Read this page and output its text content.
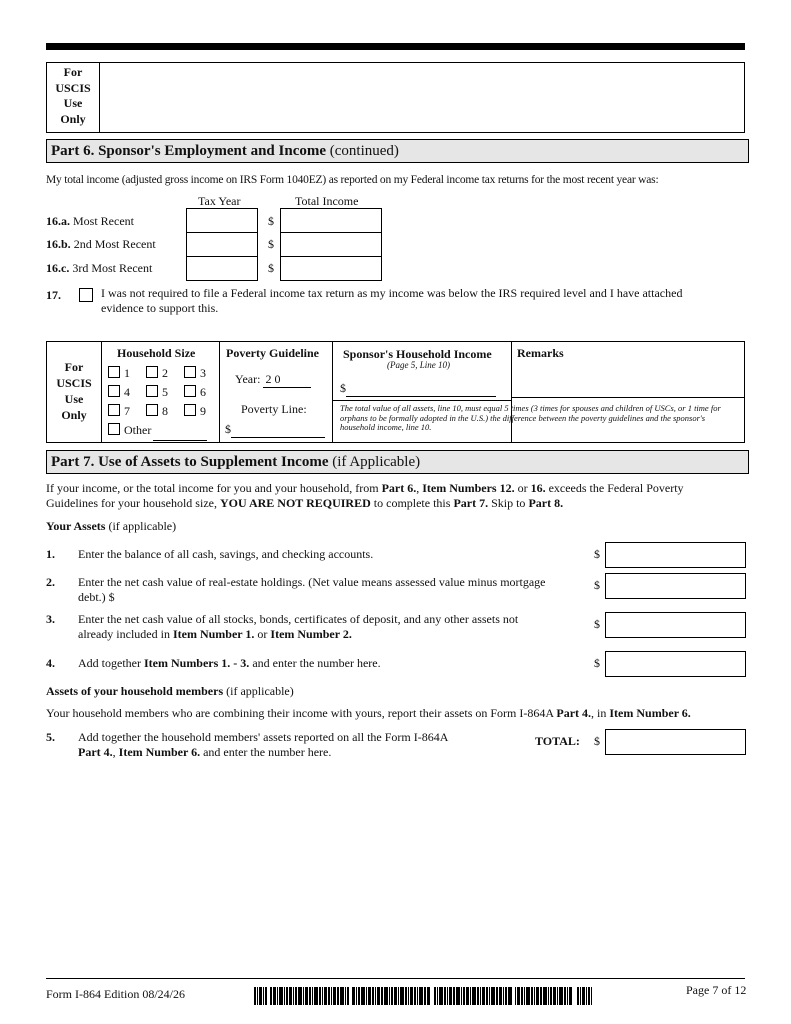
For
USCIS
Use
Only
Part 6. Sponsor's Employment and Income (continued)
My total income (adjusted gross income on IRS Form 1040EZ) as reported on my Federal income tax returns for the most recent year was:
Tax Year	Total Income
16.a. Most Recent	$
16.b. 2nd Most Recent	$
16.c. 3rd Most Recent	$
17.	I was not required to file a Federal income tax return as my income was below the IRS required level and I have attached
evidence to support this.
For
USCIS
Use
Only
Household Size
1	2	3
4	5	6
7	8	9
Other
Poverty Guideline
Year: 2 0
Poverty Line:
$
Sponsor's Household Income
(Page 5, Line 10)
$
The total value of all assets, line 10, must equal 5 times (3 times for spouses and children of USCs, or 1 time for orphans to be formally adopted in the U.S.) the difference between the poverty guidelines and the sponsor's household income, line 10.
Remarks
Part 7. Use of Assets to Supplement Income (if Applicable)
If your income, or the total income for you and your household, from Part 6., Item Numbers 12. or 16. exceeds the Federal Poverty
Guidelines for your household size, YOU ARE NOT REQUIRED to complete this Part 7. Skip to Part 8.
Your Assets (if applicable)
1. Enter the balance of all cash, savings, and checking accounts.	$
2. Enter the net cash value of real-estate holdings. (Net value means assessed value minus mortgage
debt.) $
$
3. Enter the net cash value of all stocks, bonds, certificates of deposit, and any other assets not
already included in Item Number 1. or Item Number 2.
$
4. Add together Item Numbers 1. - 3. and enter the number here.	$
Assets of your household members (if applicable)
Your household members who are combining their income with yours, report their assets on Form I-864A Part 4., in Item Number 6.
5. Add together the household members' assets reported on all the Form I-864A
Part 4., Item Number 6. and enter the number here.
TOTAL: $
Form I-864 Edition 08/24/26	Page 7 of 12
